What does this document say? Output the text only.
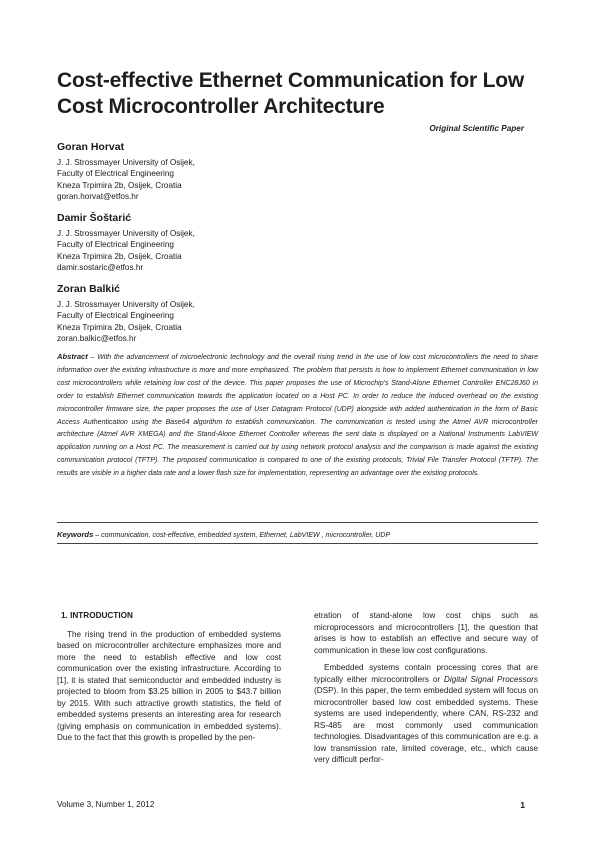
Cost-effective Ethernet Communication for Low
Cost Microcontroller Architecture
Original Scientific Paper
Goran Horvat
J. J. Strossmayer University of Osijek,
Faculty of Electrical Engineering
Kneza Trpimira 2b, Osijek, Croatia
goran.horvat@etfos.hr
Damir Šoštarić
J. J. Strossmayer University of Osijek,
Faculty of Electrical Engineering
Kneza Trpimira 2b, Osijek, Croatia
damir.sostaric@etfos.hr
Zoran Balkić
J. J. Strossmayer University of Osijek,
Faculty of Electrical Engineering
Kneza Trpimira 2b, Osijek, Croatia
zoran.balkic@etfos.hr

Abstract – With the advancement of microelectronic technology and the overall rising trend in the use of low cost microcontrollers the need to share information over the existing infrastructure is more and more emphasized. The problem that persists is how to implement Ethernet communication in low cost microcontrollers while retaining low cost of the device. This paper proposes the use of Microchip's Stand-Alone Ethernet Controller ENC28J60 in order to establish Ethernet communication towards the application located on a Host PC. In order to reduce the induced overhead on the existing microcontroller firmware size, the paper proposes the use of User Datagram Protocol (UDP) alongside with added authentication in the form of Basic Access Authentication using the Base64 algorithm to establish communication. The communication is tested using the Atmel AVR microcontroller architecture (Atmel AVR XMEGA) and the Stand-Alone Ethernet Controller whereas the sent data is displayed on a National Instruments LabVIEW application running on a Host PC. The measurement is carried out by using network protocol analysis and the comparison is made against the existing communication protocol (TFTP). The proposed communication is compared to one of the existing protocols, Trivial File Transfer Protocol (TFTP). The results are visible in a higher data rate and a lower flash size for implementation, representing an advantage over the existing protocols.

Keywords – communication, cost-effective, embedded system, Ethernet, LabVIEW , microcontroller, UDP

1. INTRODUCTION

The rising trend in the production of embedded systems based on microcontroller architecture emphasizes more and more the need to establish effective and low cost communication over the existing infrastructure. According to [1], it is stated that semiconductor and embedded industry is projected to bloom from $3.25 billion in 2005 to $43.7 billion by 2015. With such attractive growth statistics, the field of embedded systems presents an interesting area for research (giving emphasis on communication in embedded systems). Due to the fact that this growth is propelled by the pen-

etration of stand-alone low cost chips such as microprocessors and microcontrollers [1], the question that arises is how to establish an effective and secure way of communication in these low cost configurations.

Embedded systems contain processing cores that are typically either microcontrollers or Digital Signal Processors (DSP). In this paper, the term embedded system will focus on microcontroller based low cost embedded systems. These systems are used independently, where CAN, RS-232 and RS-485 are most commonly used communication technologies. Disadvantages of this communication are e.g. a low transmission rate, limited coverage, etc., which cause very difficult perfor-

Volume 3, Number 1, 2012	1
